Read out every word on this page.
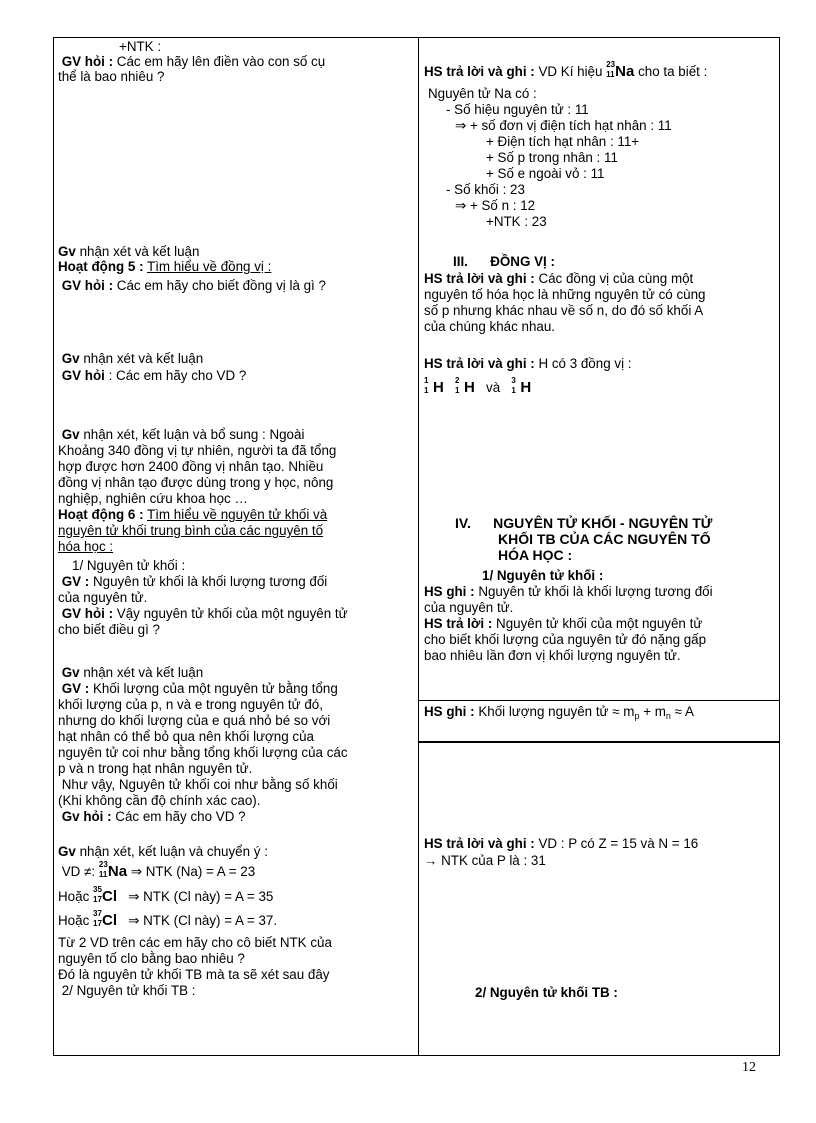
+NTK :
GV hỏi : Các em hãy lên điền vào con số cụ
thể là bao nhiêu ?
Gv nhận xét và kết luận
Hoạt động 5 : Tìm hiểu về đồng vị :
GV hỏi : Các em hãy cho biết đồng vị là gì ?
Gv nhận xét và kết luận
GV hỏi : Các em hãy cho VD ?
Gv nhận xét, kết luận và bổ sung : Ngoài
Khoảng 340 đồng vị tự nhiên, người ta đã tổng
hợp được hơn 2400 đồng vị nhân tạo. Nhiều
đồng vị nhân tạo được dùng trong y học, nông
nghiệp, nghiên cứu khoa học …
Hoạt động 6 : Tìm hiểu về nguyên tử khối và
nguyên tử khối trung bình của các nguyên tố
hóa học :
1/ Nguyên tử khối :
GV : Nguyên tử khối là khối lượng tương đối
của nguyên tử.
GV hỏi : Vậy nguyên tử khối của một nguyên tử
cho biết điều gì ?
Gv nhận xét và kết luận
GV : Khối lượng của một nguyên tử bằng tổng
khối lượng của p, n và e trong nguyên tử đó,
nhưng do khối lượng của e quá nhỏ bé so với
hạt nhân có thể bỏ qua nên khối lượng của
nguyên tử coi như bằng tổng khối lượng của các
p và n trong hạt nhân nguyên tử.
Như vậy, Nguyên tử khối coi như bằng số khối
(Khi không cần độ chính xác cao).
Gv hỏi : Các em hãy cho VD ?
Gv nhận xét, kết luận và chuyển ý :
VD ≠: 23
11 Na ⇒ NTK (Na) = A = 23
Hoặc 35
17 Cl ⇒ NTK (Cl này) = A = 35
Hoặc 37
17 Cl ⇒ NTK (Cl này) = A = 37.
Từ 2 VD trên các em hãy cho cô biết NTK của
nguyên tố clo bằng bao nhiêu ?
Đó là nguyên tử khối TB mà ta sẽ xét sau đây
2/ Nguyên tử khối TB :
HS trả lời và ghi : VD Kí hiệu 23
11 Na cho ta biết :
Nguyên tử Na có :
- Số hiệu nguyên tử : 11
⇒ + số đơn vị điện tích hạt nhân : 11
+ Điện tích hạt nhân : 11+
+ Số p trong nhân : 11
+ Số e ngoài vỏ : 11
- Số khối : 23
⇒ + Số n : 12
+NTK : 23
III. ĐỒNG VỊ :
HS trả lời và ghi : Các đồng vị của cùng một
nguyên tố hóa học là những nguyên tử có cùng
số p nhưng khác nhau về số n, do đó số khối A
của chúng khác nhau.
HS trả lời và ghi : H có 3 đồng vị :
1
1 H 2
1 H và 3
1 H
IV. NGUYÊN TỬ KHỐI - NGUYÊN TỬ
KHỐI TB CỦA CÁC NGUYÊN TỐ
HÓA HỌC :
1/ Nguyên tử khối :
HS ghi : Nguyên tử khối là khối lượng tương đối
của nguyên tử.
HS trả lời : Nguyên tử khối của một nguyên tử
cho biết khối lượng của nguyên tử đó nặng gấp
bao nhiêu lần đơn vị khối lượng nguyên tử.
HS ghi : Khối lượng nguyên tử ≈ $m_p + m_n \approx A$
HS trả lời và ghi : VD : P có Z = 15 và N = 16
→ NTK của P là : 31
2/ Nguyên tử khối TB :
12
